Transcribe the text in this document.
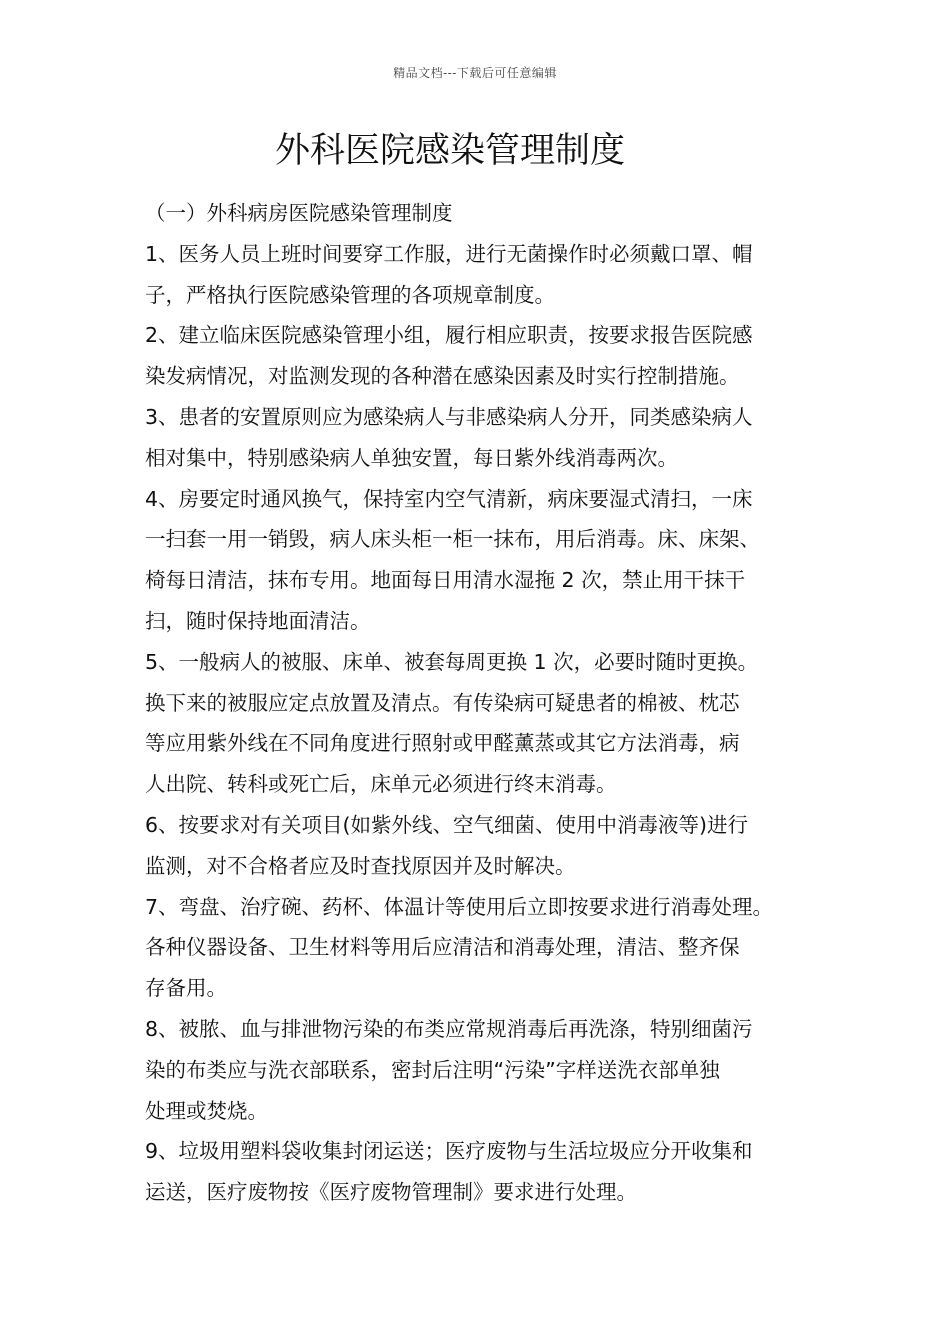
精品文档---下载后可任意编辑
外科医院感染管理制度
（一）外科病房医院感染管理制度

1、医务人员上班时间要穿工作服，进行无菌操作时必须戴口罩、帽
子，严格执行医院感染管理的各项规章制度。

2、建立临床医院感染管理小组，履行相应职责，按要求报告医院感
染发病情况，对监测发现的各种潜在感染因素及时实行控制措施。

3、患者的安置原则应为感染病人与非感染病人分开，同类感染病人
相对集中，特别感染病人单独安置，每日紫外线消毒两次。

4、房要定时通风换气，保持室内空气清新，病床要湿式清扫，一床
一扫套一用一销毁，病人床头柜一柜一抹布，用后消毒。床、床架、
椅每日清洁，抹布专用。地面每日用清水湿拖 2 次，禁止用干抹干
扫，随时保持地面清洁。

5、一般病人的被服、床单、被套每周更换 1 次，必要时随时更换。
换下来的被服应定点放置及清点。有传染病可疑患者的棉被、枕芯
等应用紫外线在不同角度进行照射或甲醛薰蒸或其它方法消毒，病
人出院、转科或死亡后，床单元必须进行终末消毒。

6、按要求对有关项目(如紫外线、空气细菌、使用中消毒液等)进行
监测，对不合格者应及时查找原因并及时解决。

7、弯盘、治疗碗、药杯、体温计等使用后立即按要求进行消毒处理。
各种仪器设备、卫生材料等用后应清洁和消毒处理，清洁、整齐保
存备用。

8、被脓、血与排泄物污染的布类应常规消毒后再洗涤，特别细菌污
染的布类应与洗衣部联系，密封后注明“污染”字样送洗衣部单独
处理或焚烧。

9、垃圾用塑料袋收集封闭运送；医疗废物与生活垃圾应分开收集和
运送，医疗废物按《医疗废物管理制》要求进行处理。
